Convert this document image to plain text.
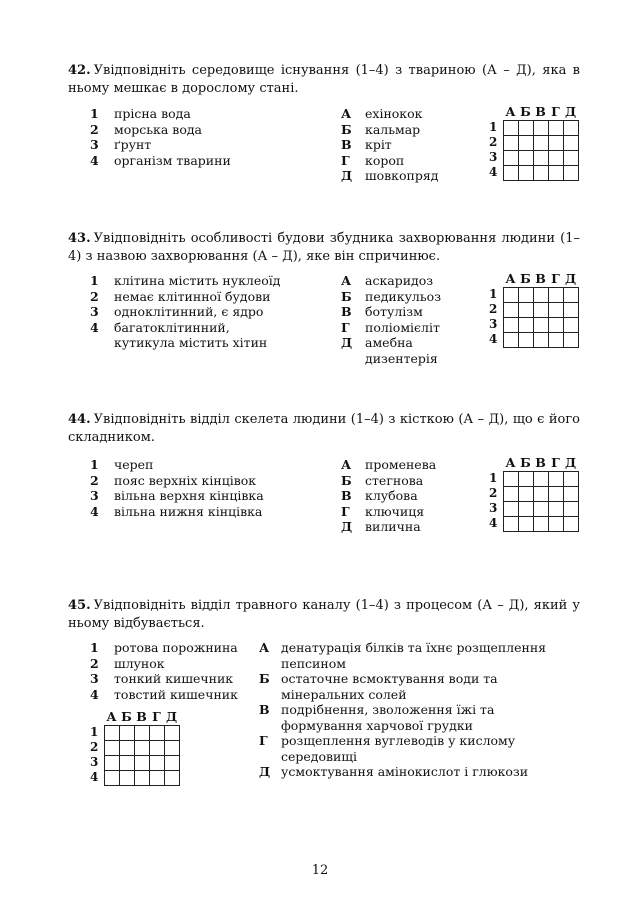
42. Увідповідніть середовище існування (1–4) з твариною (А – Д), яка в ньому мешкає в дорослому стані.

1	прісна вода
2	морська вода
3	ґрунт
4	організм тварини
А	ехінокок
Б	кальмар
В	кріт
Г	короп
Д	шовкопряд
А Б В Г Д
1
2
3
4

43. Увідповідніть особливості будови збудника захворювання людини (1–4) з назвою захворювання (А – Д), яке він спричинює.

1	клітина містить нуклеоїд
2	немає клітинної будови
3	одноклітинний, є ядро
4	багатоклітинний, кутикула містить хітин
А	аскаридоз
Б	педикульоз
В	ботулізм
Г	поліомієліт
Д	амебна дизентерія
А Б В Г Д
1
2
3
4

44. Увідповідніть відділ скелета людини (1–4) з кісткою (А – Д), що є його складником.

1	череп
2	пояс верхніх кінцівок
3	вільна верхня кінцівка
4	вільна нижня кінцівка
А	променева
Б	стегнова
В	клубова
Г	ключиця
Д	вилична
А Б В Г Д
1
2
3
4

45. Увідповідніть відділ травного каналу (1–4) з процесом (А – Д), який у ньому відбувається.

1	ротова порожнина
2	шлунок
3	тонкий кишечник
4	товстий кишечник
А денатурація білків та їхнє розщеплення пепсином
Б остаточне всмоктування води та мінеральних солей
В подрібнення, зволоження їжі та формування харчової грудки
Г	розщеплення вуглеводів у кислому середовищі
Д усмоктування амінокислот і глюкози
А Б В Г Д
1
2
3
4
12
